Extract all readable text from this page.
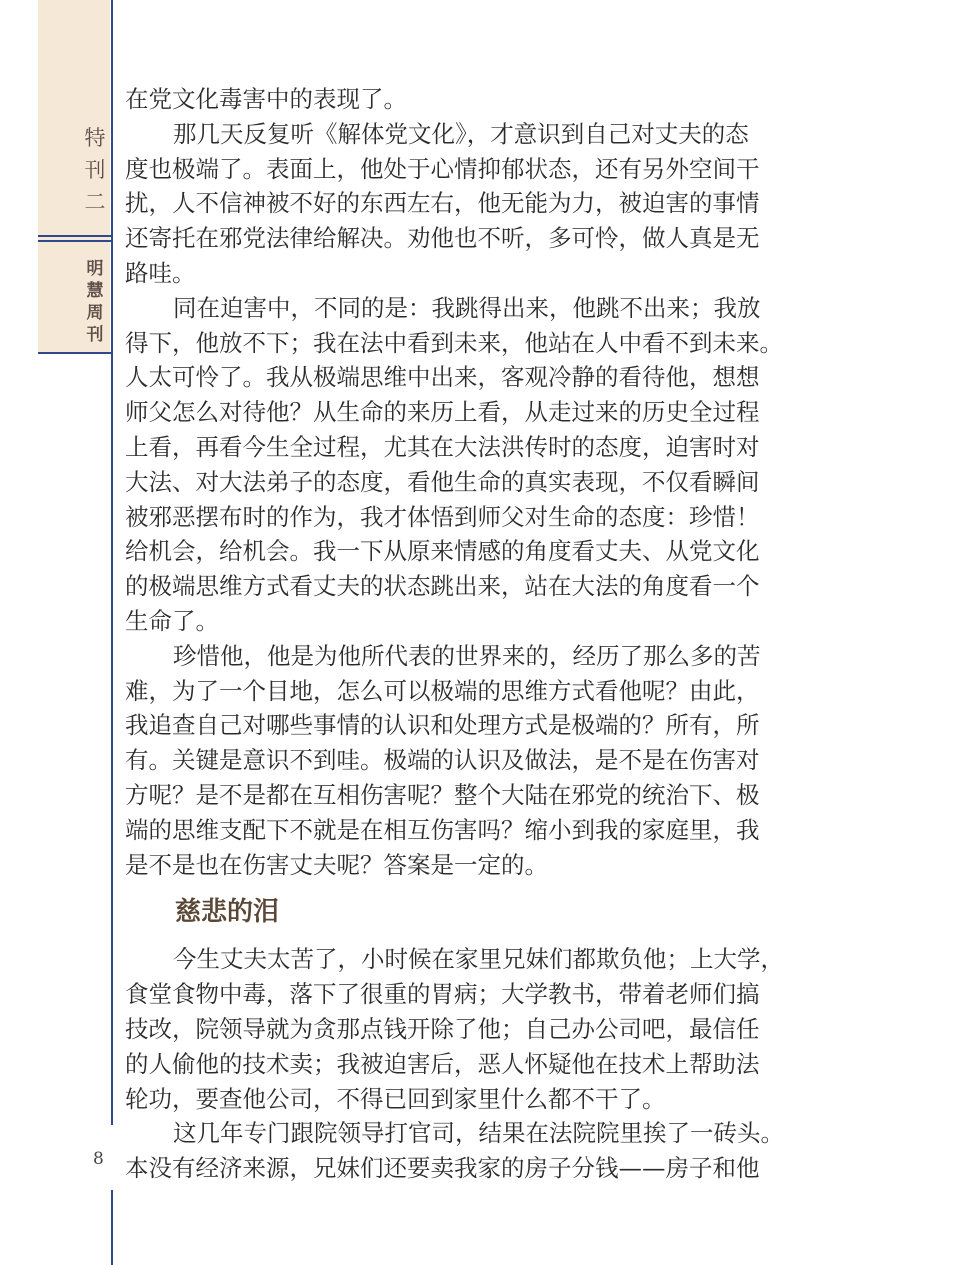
特
刊
二
明
慧
周
刊
8

在党文化毒害中的表现了。

那几天反复听《解体党文化》，才意识到自己对丈夫的态
度也极端了。表面上，他处于心情抑郁状态，还有另外空间干
扰，人不信神被不好的东西左右，他无能为力，被迫害的事情
还寄托在邪党法律给解决。劝他也不听，多可怜，做人真是无
路哇。

同在迫害中，不同的是：我跳得出来，他跳不出来；我放
得下，他放不下；我在法中看到未来，他站在人中看不到未来。
人太可怜了。我从极端思维中出来，客观冷静的看待他，想想
师父怎么对待他？从生命的来历上看，从走过来的历史全过程
上看，再看今生全过程，尤其在大法洪传时的态度，迫害时对
大法、对大法弟子的态度，看他生命的真实表现，不仅看瞬间
被邪恶摆布时的作为，我才体悟到师父对生命的态度：珍惜！
给机会，给机会。我一下从原来情感的角度看丈夫、从党文化
的极端思维方式看丈夫的状态跳出来，站在大法的角度看一个
生命了。

珍惜他，他是为他所代表的世界来的，经历了那么多的苦
难，为了一个目地，怎么可以极端的思维方式看他呢？由此，
我追查自己对哪些事情的认识和处理方式是极端的？所有，所
有。关键是意识不到哇。极端的认识及做法，是不是在伤害对
方呢？是不是都在互相伤害呢？整个大陆在邪党的统治下、极
端的思维支配下不就是在相互伤害吗？缩小到我的家庭里，我
是不是也在伤害丈夫呢？答案是一定的。

慈悲的泪

今生丈夫太苦了，小时候在家里兄妹们都欺负他；上大学，
食堂食物中毒，落下了很重的胃病；大学教书，带着老师们搞
技改，院领导就为贪那点钱开除了他；自己办公司吧，最信任
的人偷他的技术卖；我被迫害后，恶人怀疑他在技术上帮助法
轮功，要查他公司，不得已回到家里什么都不干了。

这几年专门跟院领导打官司，结果在法院院里挨了一砖头。
本没有经济来源，兄妹们还要卖我家的房子分钱——房子和他
